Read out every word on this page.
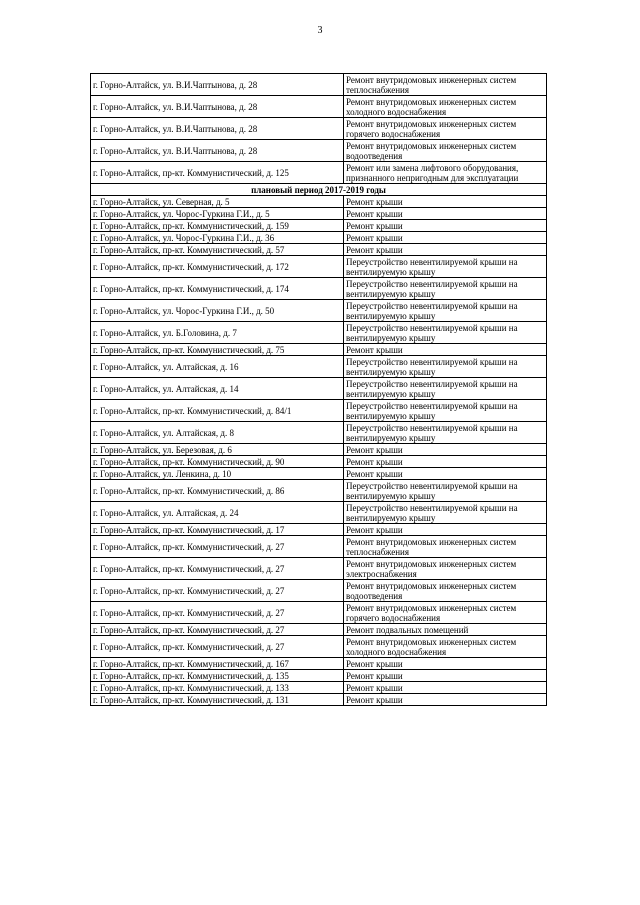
3
г. Горно-Алтайск, ул. В.И.Чаптынова, д. 28	Ремонт внутридомовых инженерных систем теплоснабжения
г. Горно-Алтайск, ул. В.И.Чаптынова, д. 28	Ремонт внутридомовых инженерных систем холодного водоснабжения
г. Горно-Алтайск, ул. В.И.Чаптынова, д. 28	Ремонт внутридомовых инженерных систем горячего водоснабжения
г. Горно-Алтайск, ул. В.И.Чаптынова, д. 28	Ремонт внутридомовых инженерных систем водоотведения
г. Горно-Алтайск, пр-кт. Коммунистический, д. 125	Ремонт или замена лифтового оборудования, признанного непригодным для эксплуатации
плановый период 2017-2019 годы	
г. Горно-Алтайск, ул. Северная, д. 5	Ремонт крыши
г. Горно-Алтайск, ул. Чорос-Гуркина Г.И., д. 5	Ремонт крыши
г. Горно-Алтайск, пр-кт. Коммунистический, д. 159	Ремонт крыши
г. Горно-Алтайск, ул. Чорос-Гуркина Г.И., д. 36	Ремонт крыши
г. Горно-Алтайск, пр-кт. Коммунистический, д. 57	Ремонт крыши
г. Горно-Алтайск, пр-кт. Коммунистический, д. 172	Переустройство невентилируемой крыши на вентилируемую крышу
г. Горно-Алтайск, пр-кт. Коммунистический, д. 174	Переустройство невентилируемой крыши на вентилируемую крышу
г. Горно-Алтайск, ул. Чорос-Гуркина Г.И., д. 50	Переустройство невентилируемой крыши на вентилируемую крышу
г. Горно-Алтайск, ул. Б.Головина, д. 7	Переустройство невентилируемой крыши на вентилируемую крышу
г. Горно-Алтайск, пр-кт. Коммунистический, д. 75	Ремонт крыши
г. Горно-Алтайск, ул. Алтайская, д. 16	Переустройство невентилируемой крыши на вентилируемую крышу
г. Горно-Алтайск, ул. Алтайская, д. 14	Переустройство невентилируемой крыши на вентилируемую крышу
г. Горно-Алтайск, пр-кт. Коммунистический, д. 84/1	Переустройство невентилируемой крыши на вентилируемую крышу
г. Горно-Алтайск, ул. Алтайская, д. 8	Переустройство невентилируемой крыши на вентилируемую крышу
г. Горно-Алтайск, ул. Березовая, д. 6	Ремонт крыши
г. Горно-Алтайск, пр-кт. Коммунистический, д. 90	Ремонт крыши
г. Горно-Алтайск, ул. Ленкина, д. 10	Ремонт крыши
г. Горно-Алтайск, пр-кт. Коммунистический, д. 86	Переустройство невентилируемой крыши на вентилируемую крышу
г. Горно-Алтайск, ул. Алтайская, д. 24	Переустройство невентилируемой крыши на вентилируемую крышу
г. Горно-Алтайск, пр-кт. Коммунистический, д. 17	Ремонт крыши
г. Горно-Алтайск, пр-кт. Коммунистический, д. 27	Ремонт внутридомовых инженерных систем теплоснабжения
г. Горно-Алтайск, пр-кт. Коммунистический, д. 27	Ремонт внутридомовых инженерных систем электроснабжения
г. Горно-Алтайск, пр-кт. Коммунистический, д. 27	Ремонт внутридомовых инженерных систем водоотведения
г. Горно-Алтайск, пр-кт. Коммунистический, д. 27	Ремонт внутридомовых инженерных систем горячего водоснабжения
г. Горно-Алтайск, пр-кт. Коммунистический, д. 27	Ремонт подвальных помещений
г. Горно-Алтайск, пр-кт. Коммунистический, д. 27	Ремонт внутридомовых инженерных систем холодного водоснабжения
г. Горно-Алтайск, пр-кт. Коммунистический, д. 167	Ремонт крыши
г. Горно-Алтайск, пр-кт. Коммунистический, д. 135	Ремонт крыши
г. Горно-Алтайск, пр-кт. Коммунистический, д. 133	Ремонт крыши
г. Горно-Алтайск, пр-кт. Коммунистический, д. 131	Ремонт крыши
